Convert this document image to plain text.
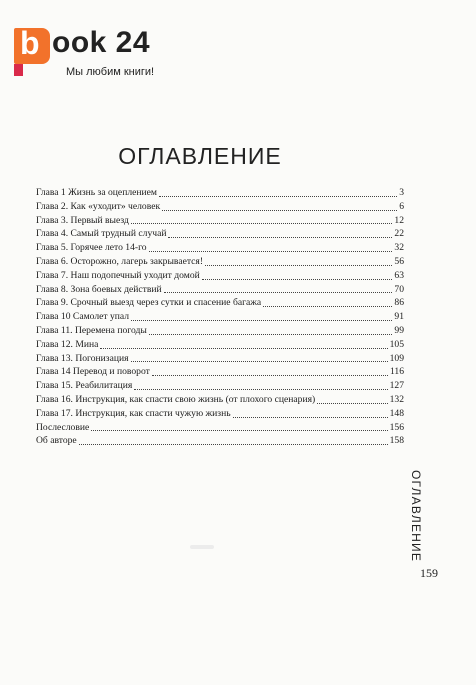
b ook 24
Мы любим книги!
ОГЛАВЛЕНИЕ
Глава 1 Жизнь за оцеплением	3
Глава 2. Как «уходит» человек	6
Глава 3. Первый выезд	12
Глава 4. Самый трудный случай	22
Глава 5. Горячее лето 14-го	32
Глава 6. Осторожно, лагерь закрывается!	56
Глава 7. Наш подопечный уходит домой	63
Глава 8. Зона боевых действий	70
Глава 9. Срочный выезд через сутки и спасение багажа	86
Глава 10 Самолет упал	91
Глава 11. Перемена погоды	99
Глава 12. Мина	105
Глава 13. Погонизация	109
Глава 14 Перевод и поворот	116
Глава 15. Реабилитация	127
Глава 16. Инструкция, как спасти свою жизнь (от плохого сценария)	132
Глава 17. Инструкция, как спасти чужую жизнь	148
Послесловие	156
Об авторе	158
ОГЛАВЛЕНИЕ
159
